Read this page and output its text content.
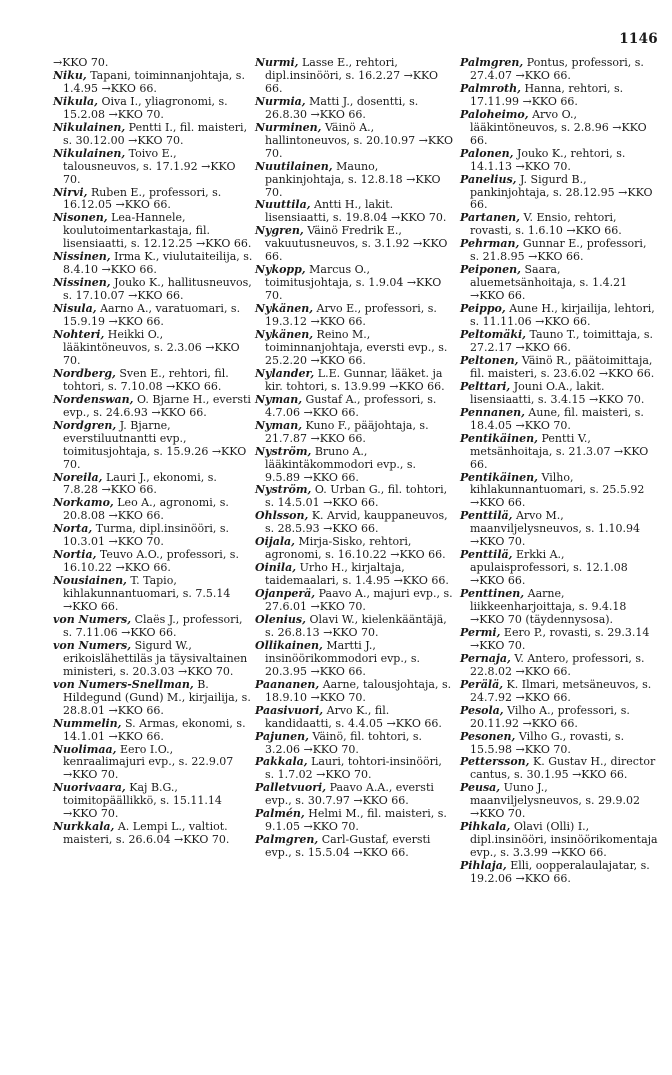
1146

→KKO 70.

Niku, Tapani, toiminnanjohtaja, s. 1.4.95 →KKO 66.

Nikula, Oiva I., yliagronomi, s. 15.2.08 →KKO 70.

Nikulainen, Pentti I., fil. maisteri, s. 30.12.00 →KKO 70.

Nikulainen, Toivo E., talousneuvos, s. 17.1.92 →KKO 70.

Nirvi, Ruben E., professori, s. 16.12.05 →KKO 66.

Nisonen, Lea-Hannele, koulutoimentarkastaja, fil. lisensiaatti, s. 12.12.25 →KKO 66.

Nissinen, Irma K., viulutaiteilija, s. 8.4.10 →KKO 66.

Nissinen, Jouko K., hallitusneuvos, s. 17.10.07 →KKO 66.

Nisula, Aarno A., varatuomari, s. 15.9.19 →KKO 66.

Nohteri, Heikki O., lääkintöneuvos, s. 2.3.06 →KKO 70.

Nordberg, Sven E., rehtori, fil. tohtori, s. 7.10.08 →KKO 66.

Nordenswan, O. Bjarne H., eversti evp., s. 24.6.93 →KKO 66.

Nordgren, J. Bjarne, everstiluutnantti evp., toimitusjohtaja, s. 15.9.26 →KKO 70.

Noreila, Lauri J., ekonomi, s. 7.8.28 →KKO 66.

Norkamo, Leo A., agronomi, s. 20.8.08 →KKO 66.

Norta, Turma, dipl.insinööri, s. 10.3.01 →KKO 70.

Nortia, Teuvo A.O., professori, s. 16.10.22 →KKO 66.

Nousiainen, T. Tapio, kihlakunnantuomari, s. 7.5.14 →KKO 66.

von Numers, Claës J., professori, s. 7.11.06 →KKO 66.

von Numers, Sigurd W., erikoislähettiläs ja täysivaltainen ministeri, s. 20.3.03 →KKO 70.

von Numers-Snellman, B. Hildegund (Gund) M., kirjailija, s. 28.8.01 →KKO 66.

Nummelin, S. Armas, ekonomi, s. 14.1.01 →KKO 66.

Nuolimaa, Eero I.O., kenraalimajuri evp., s. 22.9.07 →KKO 70.

Nuorivaara, Kaj B.G., toimitopäällikkö, s. 15.11.14 →KKO 70.

Nurkkala, A. Lempi L., valtiot. maisteri, s. 26.6.04 →KKO 70.

Nurmi, Lasse E., rehtori, dipl.insinööri, s. 16.2.27 →KKO 66.

Nurmia, Matti J., dosentti, s. 26.8.30 →KKO 66.

Nurminen, Väinö A., hallintoneuvos, s. 20.10.97 →KKO 70.

Nuutilainen, Mauno, pankinjohtaja, s. 12.8.18 →KKO 70.

Nuuttila, Antti H., lakit. lisensiaatti, s. 19.8.04 →KKO 70.

Nygren, Väinö Fredrik E., vakuutusneuvos, s. 3.1.92 →KKO 66.

Nykopp, Marcus O., toimitusjohtaja, s. 1.9.04 →KKO 70.

Nykänen, Arvo E., professori, s. 19.3.12 →KKO 66.

Nykänen, Reino M., toiminnanjohtaja, eversti evp., s. 25.2.20 →KKO 66.

Nylander, L.E. Gunnar, lääket. ja kir. tohtori, s. 13.9.99 →KKO 66.

Nyman, Gustaf A., professori, s. 4.7.06 →KKO 66.

Nyman, Kuno F., pääjohtaja, s. 21.7.87 →KKO 66.

Nyström, Bruno A., lääkintäkommodori evp., s. 9.5.89 →KKO 66.

Nyström, O. Urban G., fil. tohtori, s. 14.5.01 →KKO 66.

Ohlsson, K. Arvid, kauppaneuvos, s. 28.5.93 →KKO 66.

Oijala, Mirja-Sisko, rehtori, agronomi, s. 16.10.22 →KKO 66.

Oinila, Urho H., kirjaltaja, taidemaalari, s. 1.4.95 →KKO 66.

Ojanperä, Paavo A., majuri evp., s. 27.6.01 →KKO 70.

Olenius, Olavi W., kielenkääntäjä, s. 26.8.13 →KKO 70.

Ollikainen, Martti J., insinöörikommodori evp., s. 20.3.95 →KKO 66.

Paananen, Aarne, talousjohtaja, s. 18.9.10 →KKO 70.

Paasivuori, Arvo K., fil. kandidaatti, s. 4.4.05 →KKO 66.

Pajunen, Väinö, fil. tohtori, s. 3.2.06 →KKO 70.

Pakkala, Lauri, tohtori-insinööri, s. 1.7.02 →KKO 70.

Palletvuori, Paavo A.A., eversti evp., s. 30.7.97 →KKO 66.

Palmén, Helmi M., fil. maisteri, s. 9.1.05 →KKO 70.

Palmgren, Carl-Gustaf, eversti evp., s. 15.5.04 →KKO 66.

Palmgren, Pontus, professori, s. 27.4.07 →KKO 66.

Palmroth, Hanna, rehtori, s. 17.11.99 →KKO 66.

Paloheimo, Arvo O., lääkintöneuvos, s. 2.8.96 →KKO 66.

Palonen, Jouko K., rehtori, s. 14.1.13 →KKO 70.

Panelius, J. Sigurd B., pankinjohtaja, s. 28.12.95 →KKO 66.

Partanen, V. Ensio, rehtori, rovasti, s. 1.6.10 →KKO 66.

Pehrman, Gunnar E., professori, s. 21.8.95 →KKO 66.

Peiponen, Saara, aluemetsänhoitaja, s. 1.4.21 →KKO 66.

Peippo, Aune H., kirjailija, lehtori, s. 11.11.06 →KKO 66.

Peltomäki, Tauno T., toimittaja, s. 27.2.17 →KKO 66.

Peltonen, Väinö R., päätoimittaja, fil. maisteri, s. 23.6.02 →KKO 66.

Pelttari, Jouni O.A., lakit. lisensiaatti, s. 3.4.15 →KKO 70.

Pennanen, Aune, fil. maisteri, s. 18.4.05 →KKO 70.

Pentikäinen, Pentti V., metsänhoitaja, s. 21.3.07 →KKO 66.

Pentikäinen, Vilho, kihlakunnantuomari, s. 25.5.92 →KKO 66.

Penttilä, Arvo M., maanviljelysneuvos, s. 1.10.94 →KKO 70.

Penttilä, Erkki A., apulaisprofessori, s. 12.1.08 →KKO 66.

Penttinen, Aarne, liikkeenharjoittaja, s. 9.4.18 →KKO 70 (täydennysosa).

Permi, Eero P., rovasti, s. 29.3.14 →KKO 70.

Pernaja, V. Antero, professori, s. 22.8.02 →KKO 66.

Perälä, K. Ilmari, metsäneuvos, s. 24.7.92 →KKO 66.

Pesola, Vilho A., professori, s. 20.11.92 →KKO 66.

Pesonen, Vilho G., rovasti, s. 15.5.98 →KKO 70.

Pettersson, K. Gustav H., director cantus, s. 30.1.95 →KKO 66.

Peusa, Uuno J., maanviljelysneuvos, s. 29.9.02 →KKO 70.

Pihkala, Olavi (Olli) I., dipl.insinööri, insinöörikomentaja evp., s. 3.3.99 →KKO 66.

Pihlaja, Elli, oopperalaulajatar, s. 19.2.06 →KKO 66.
